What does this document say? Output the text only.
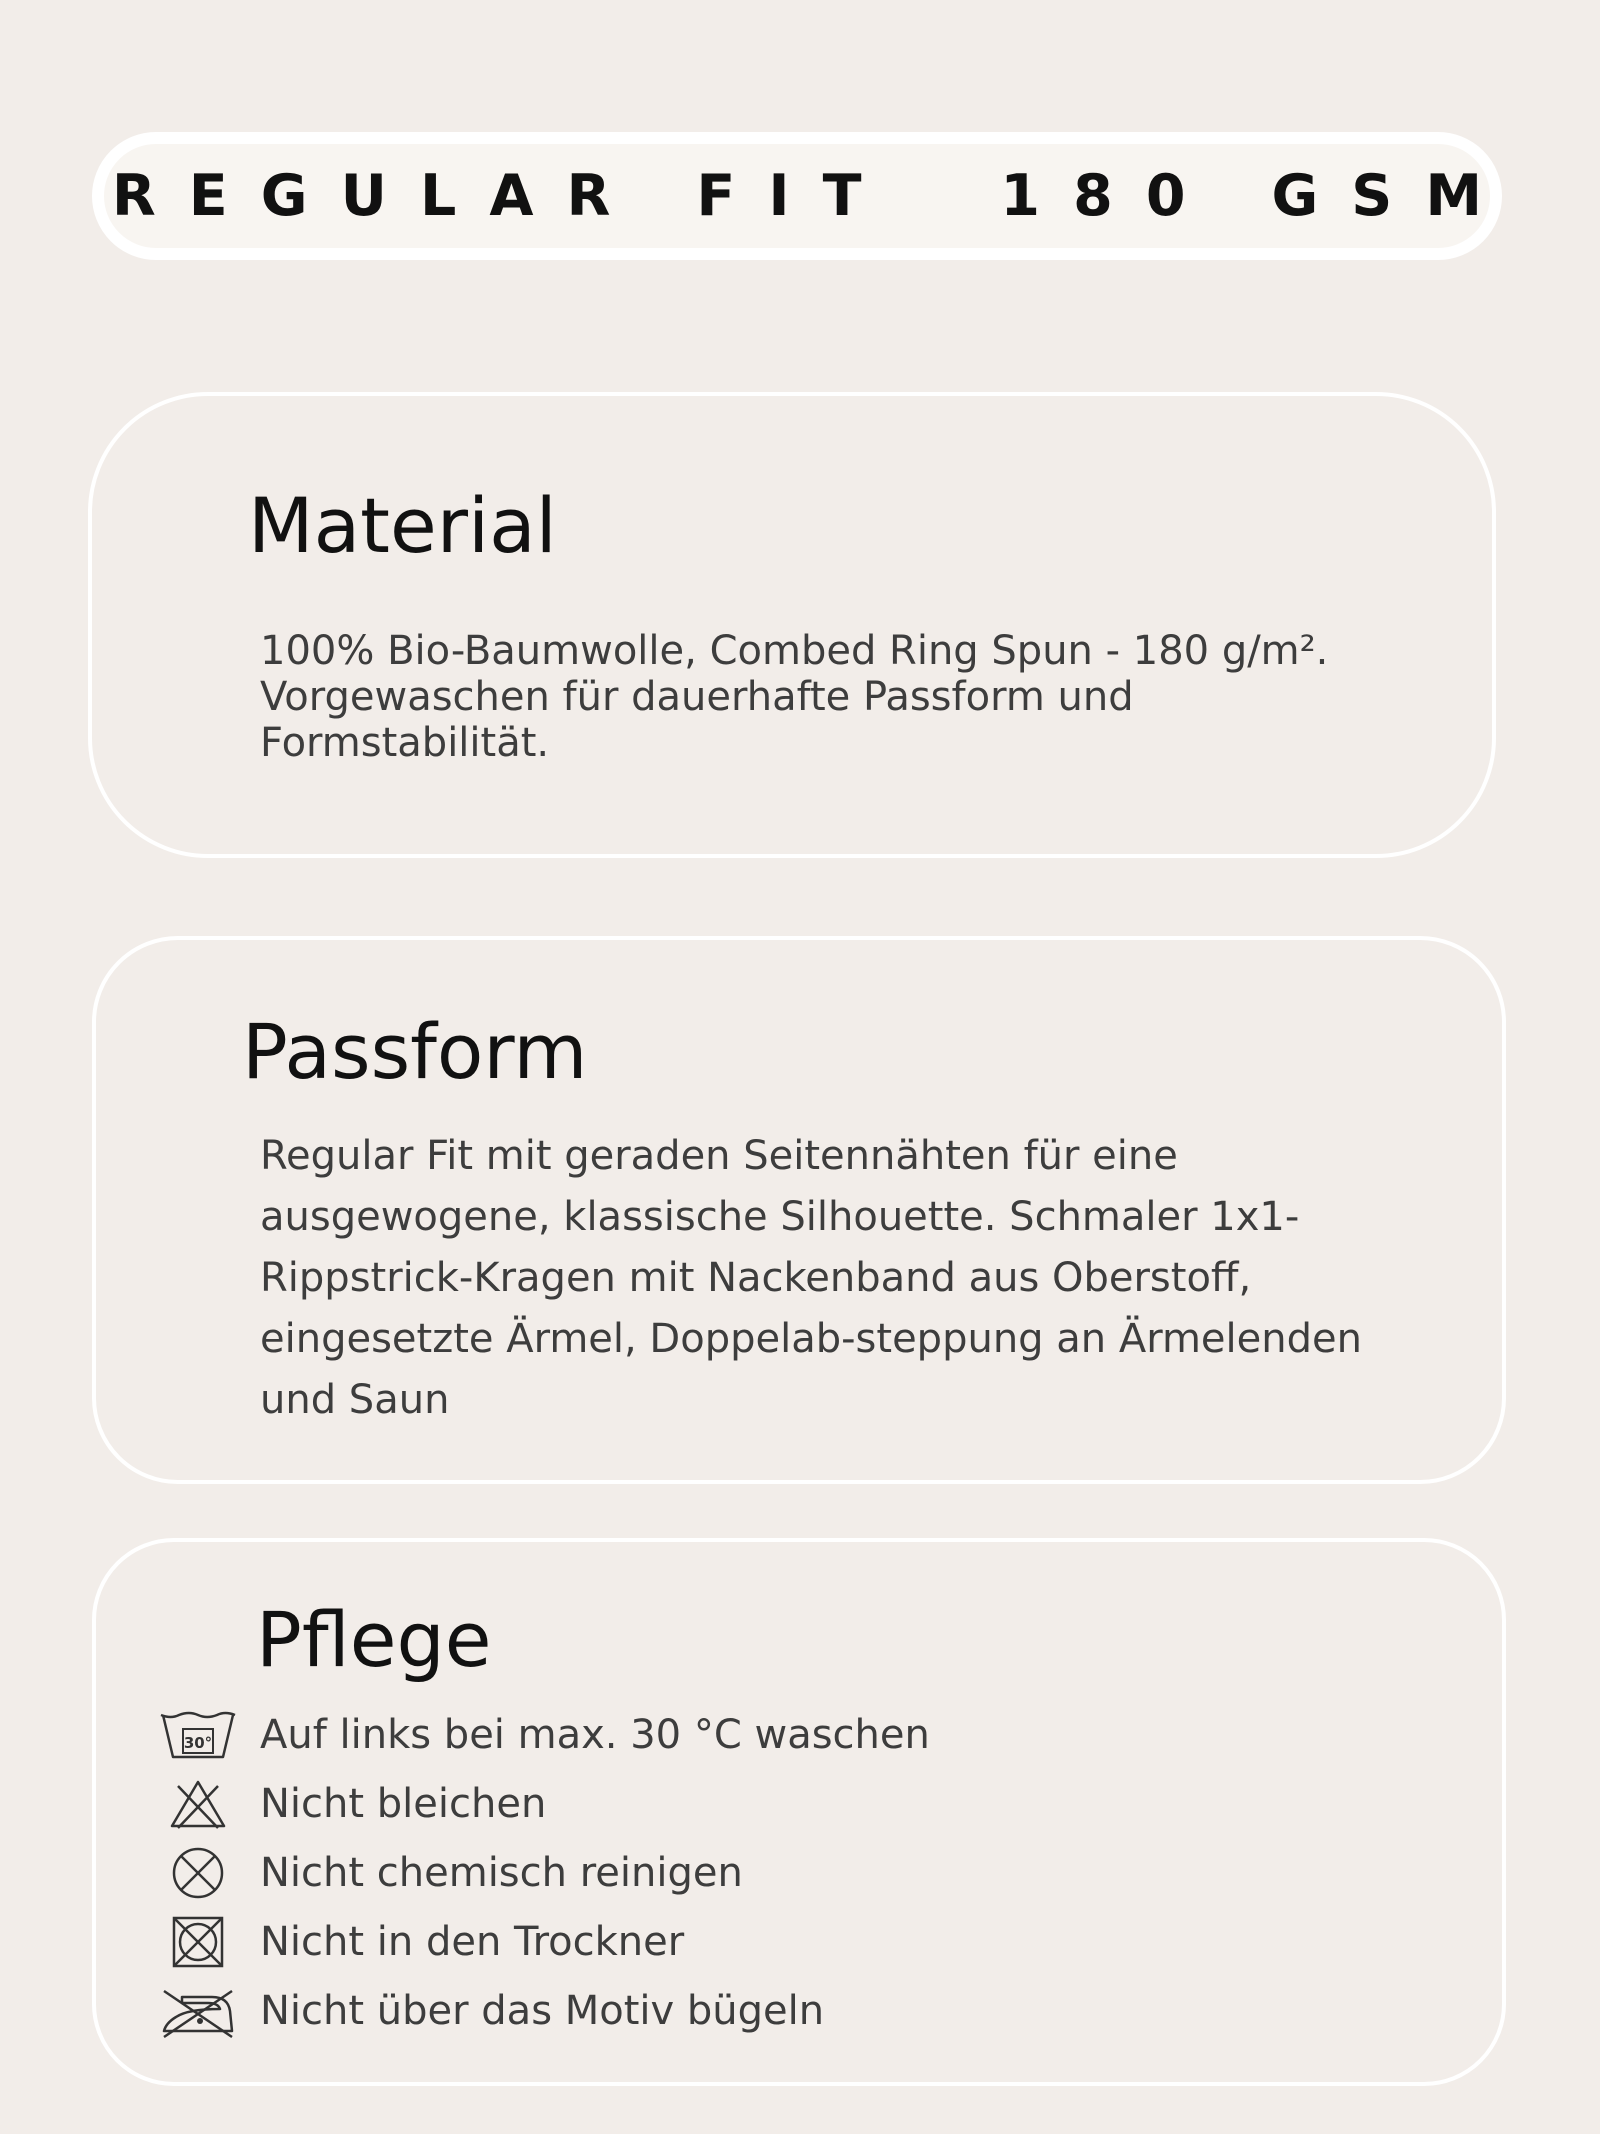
REGULAR FIT  180 GSM
Material

100% Bio-Baumwolle, Combed Ring Spun - 180 g/m².
Vorgewaschen für dauerhafte Passform und
Formstabilität.

Passform

Regular Fit mit geraden Seitennähten für eine
ausgewogene, klassische Silhouette. Schmaler 1x1-
Rippstrick-Kragen mit Nackenband aus Oberstoff,
eingesetzte Ärmel, Doppelab-steppung an Ärmelenden
und Saun

Pflege
30° Auf links bei max. 30 °C waschen
Nicht bleichen
Nicht chemisch reinigen
Nicht in den Trockner
Nicht über das Motiv bügeln
